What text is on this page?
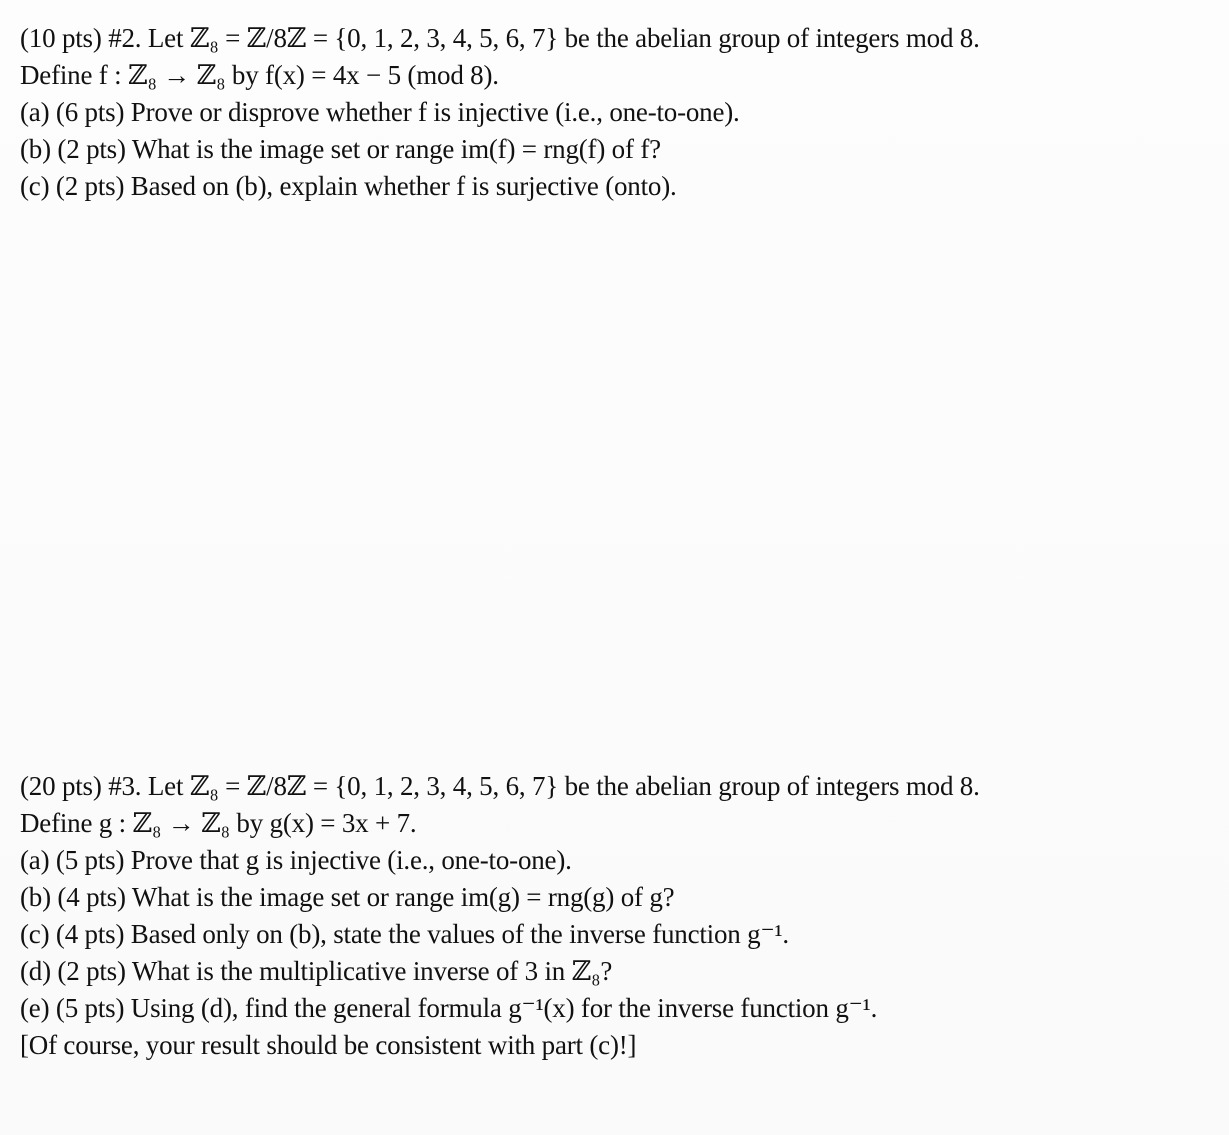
(10 pts) #2. Let ℤ₈ = ℤ/8ℤ = {0, 1, 2, 3, 4, 5, 6, 7} be the abelian group of integers mod 8.
Define f : ℤ₈ → ℤ₈ by f(x) = 4x − 5 (mod 8).
(a) (6 pts) Prove or disprove whether f is injective (i.e., one-to-one).
(b) (2 pts) What is the image set or range im(f) = rng(f) of f?
(c) (2 pts) Based on (b), explain whether f is surjective (onto).
(20 pts) #3. Let ℤ₈ = ℤ/8ℤ = {0, 1, 2, 3, 4, 5, 6, 7} be the abelian group of integers mod 8.
Define g : ℤ₈ → ℤ₈ by g(x) = 3x + 7.
(a) (5 pts) Prove that g is injective (i.e., one-to-one).
(b) (4 pts) What is the image set or range im(g) = rng(g) of g?
(c) (4 pts) Based only on (b), state the values of the inverse function g⁻¹.
(d) (2 pts) What is the multiplicative inverse of 3 in ℤ₈?
(e) (5 pts) Using (d), find the general formula g⁻¹(x) for the inverse function g⁻¹.
[Of course, your result should be consistent with part (c)!]
